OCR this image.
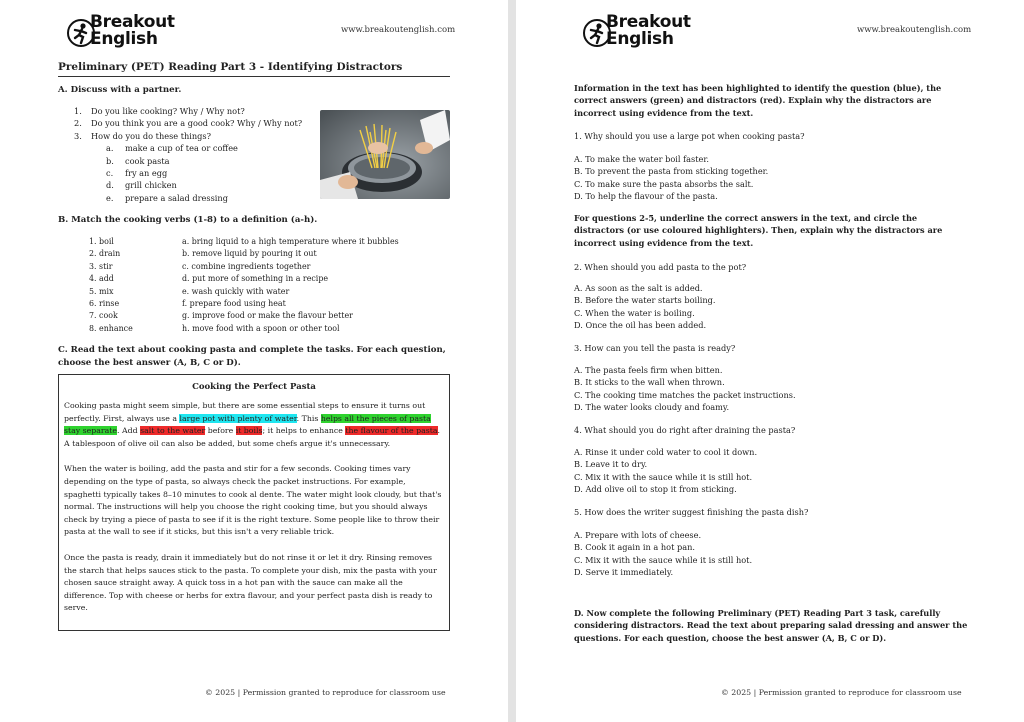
Breakout
English	www.breakoutenglish.com
Preliminary (PET) Reading Part 3 - Identifying Distractors
A. Discuss with a partner.
1. Do you like cooking? Why / Why not?
2. Do you think you are a good cook? Why / Why not?
3. How do you do these things?
a. make a cup of tea or coffee
b. cook pasta
c. fry an egg
d. grill chicken
e. prepare a salad dressing
B. Match the cooking verbs (1-8) to a definition (a-h).
1. boil	a. bring liquid to a high temperature where it bubbles
2. drain	b. remove liquid by pouring it out
3. stir	c. combine ingredients together
4. add	d. put more of something in a recipe
5. mix	e. wash quickly with water
6. rinse	f. prepare food using heat
7. cook	g. improve food or make the flavour better
8. enhance	h. move food with a spoon or other tool
C. Read the text about cooking pasta and complete the tasks. For each question, choose the best answer (A, B, C or D).
Cooking the Perfect Pasta
Cooking pasta might seem simple, but there are some essential steps to ensure it turns out perfectly. First, always use a large pot with plenty of water. This helps all the pieces of pasta stay separate. Add salt to the water before it boils; it helps to enhance the flavour of the pasta. A tablespoon of olive oil can also be added, but some chefs argue it's unnecessary.
When the water is boiling, add the pasta and stir for a few seconds. Cooking times vary depending on the type of pasta, so always check the packet instructions. For example, spaghetti typically takes 8–10 minutes to cook al dente. The water might look cloudy, but that's normal. The instructions will help you choose the right cooking time, but you should always check by trying a piece of pasta to see if it is the right texture. Some people like to throw their pasta at the wall to see if it sticks, but this isn't a very reliable trick.
Once the pasta is ready, drain it immediately but do not rinse it or let it dry. Rinsing removes the starch that helps sauces stick to the pasta. To complete your dish, mix the pasta with your chosen sauce straight away. A quick toss in a hot pan with the sauce can make all the difference. Top with cheese or herbs for extra flavour, and your perfect pasta dish is ready to serve.
© 2025 | Permission granted to reproduce for classroom use
Breakout
English	www.breakoutenglish.com
Information in the text has been highlighted to identify the question (blue), the correct answers (green) and distractors (red). Explain why the distractors are incorrect using evidence from the text.
1. Why should you use a large pot when cooking pasta?
A. To make the water boil faster.
B. To prevent the pasta from sticking together.
C. To make sure the pasta absorbs the salt.
D. To help the flavour of the pasta.
For questions 2-5, underline the correct answers in the text, and circle the distractors (or use coloured highlighters). Then, explain why the distractors are incorrect using evidence from the text.
2. When should you add pasta to the pot?
A. As soon as the salt is added.
B. Before the water starts boiling.
C. When the water is boiling.
D. Once the oil has been added.
3. How can you tell the pasta is ready?
A. The pasta feels firm when bitten.
B. It sticks to the wall when thrown.
C. The cooking time matches the packet instructions.
D. The water looks cloudy and foamy.
4. What should you do right after draining the pasta?
A. Rinse it under cold water to cool it down.
B. Leave it to dry.
C. Mix it with the sauce while it is still hot.
D. Add olive oil to stop it from sticking.
5. How does the writer suggest finishing the pasta dish?
A. Prepare with lots of cheese.
B. Cook it again in a hot pan.
C. Mix it with the sauce while it is still hot.
D. Serve it immediately.
D. Now complete the following Preliminary (PET) Reading Part 3 task, carefully considering distractors. Read the text about preparing salad dressing and answer the questions. For each question, choose the best answer (A, B, C or D).
© 2025 | Permission granted to reproduce for classroom use
